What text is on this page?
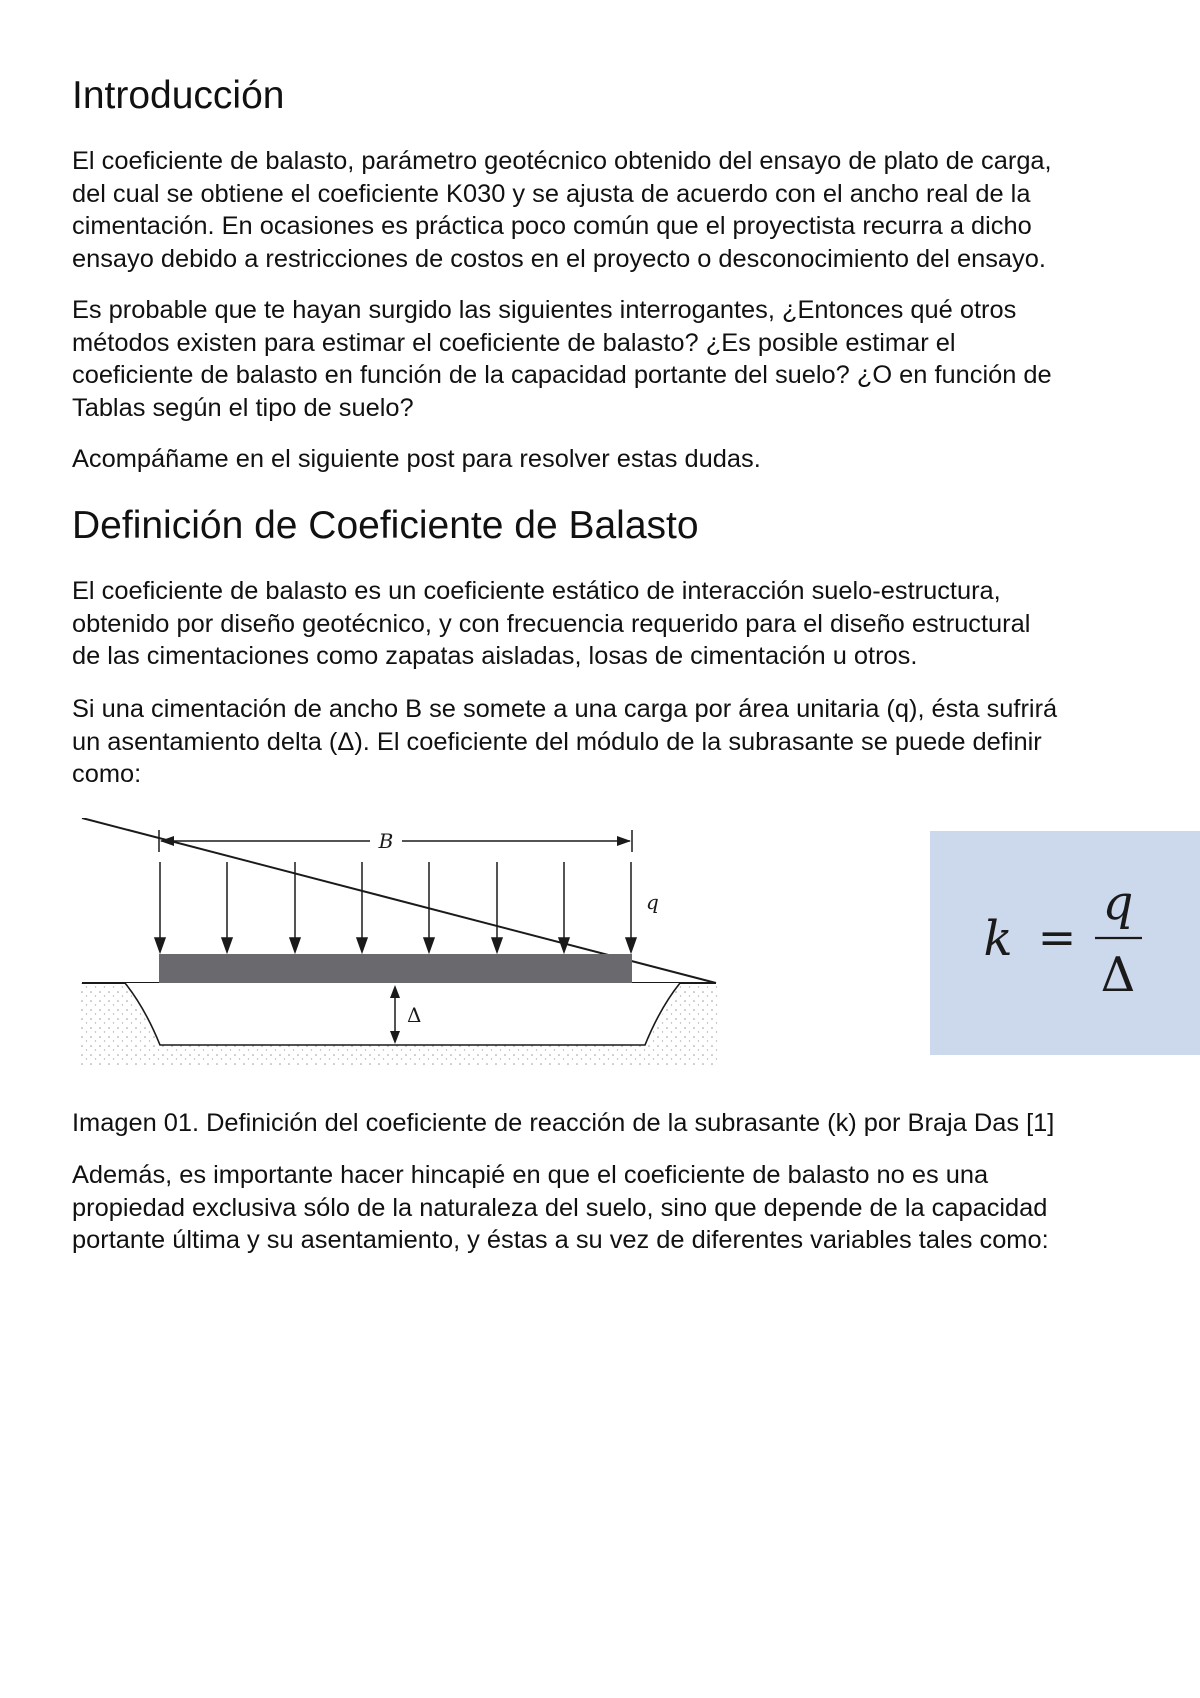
Introducción
El coeficiente de balasto, parámetro geotécnico obtenido del ensayo de plato de carga,
del cual se obtiene el coeficiente K030 y se ajusta de acuerdo con el ancho real de la
cimentación. En ocasiones es práctica poco común que el proyectista recurra a dicho
ensayo debido a restricciones de costos en el proyecto o desconocimiento del ensayo.
Es probable que te hayan surgido las siguientes interrogantes, ¿Entonces qué otros
métodos existen para estimar el coeficiente de balasto? ¿Es posible estimar el
coeficiente de balasto en función de la capacidad portante del suelo? ¿O en función de
Tablas según el tipo de suelo?
Acompáñame en el siguiente post para resolver estas dudas.
Definición de Coeficiente de Balasto
El coeficiente de balasto es un coeficiente estático de interacción suelo-estructura,
obtenido por diseño geotécnico, y con frecuencia requerido para el diseño estructural
de las cimentaciones como zapatas aisladas, losas de cimentación u otros.
Si una cimentación de ancho B se somete a una carga por área unitaria (q), ésta sufrirá
un asentamiento delta (Δ). El coeficiente del módulo de la subrasante se puede definir
como:
B
q
Δ
k =
q
Δ
Imagen 01. Definición del coeficiente de reacción de la subrasante (k) por Braja Das [1]
Además, es importante hacer hincapié en que el coeficiente de balasto no es una
propiedad exclusiva sólo de la naturaleza del suelo, sino que depende de la capacidad
portante última y su asentamiento, y éstas a su vez de diferentes variables tales como:
